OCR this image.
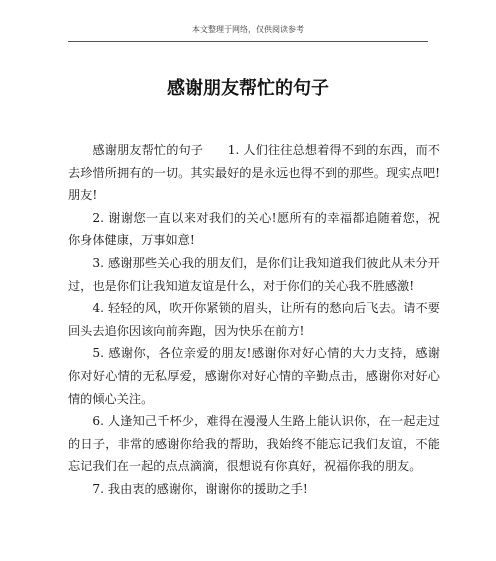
本文整理于网络，仅供阅读参考
感谢朋友帮忙的句子

感谢朋友帮忙的句子　　1. 人们往往总想着得不到的东西，而不去珍惜所拥有的一切。其实最好的是永远也得不到的那些。现实点吧!朋友!

2. 谢谢您一直以来对我们的关心!愿所有的幸福都追随着您，祝你身体健康，万事如意!

3. 感谢那些关心我的朋友们，是你们让我知道我们彼此从未分开过，也是你们让我知道友谊是什么，对于你们的关心我不胜感激!

4. 轻轻的风，吹开你紧锁的眉头，让所有的愁向后飞去。请不要回头去追你因该向前奔跑，因为快乐在前方!

5. 感谢你，各位亲爱的朋友!感谢你对好心情的大力支持，感谢你对好心情的无私厚爱，感谢你对好心情的辛勤点击，感谢你对好心情的倾心关注。

6. 人逢知己千杯少，难得在漫漫人生路上能认识你，在一起走过的日子，非常的感谢你给我的帮助，我始终不能忘记我们友谊，不能忘记我们在一起的点点滴滴，很想说有你真好，祝福你我的朋友。

7. 我由衷的感谢你，谢谢你的援助之手!
